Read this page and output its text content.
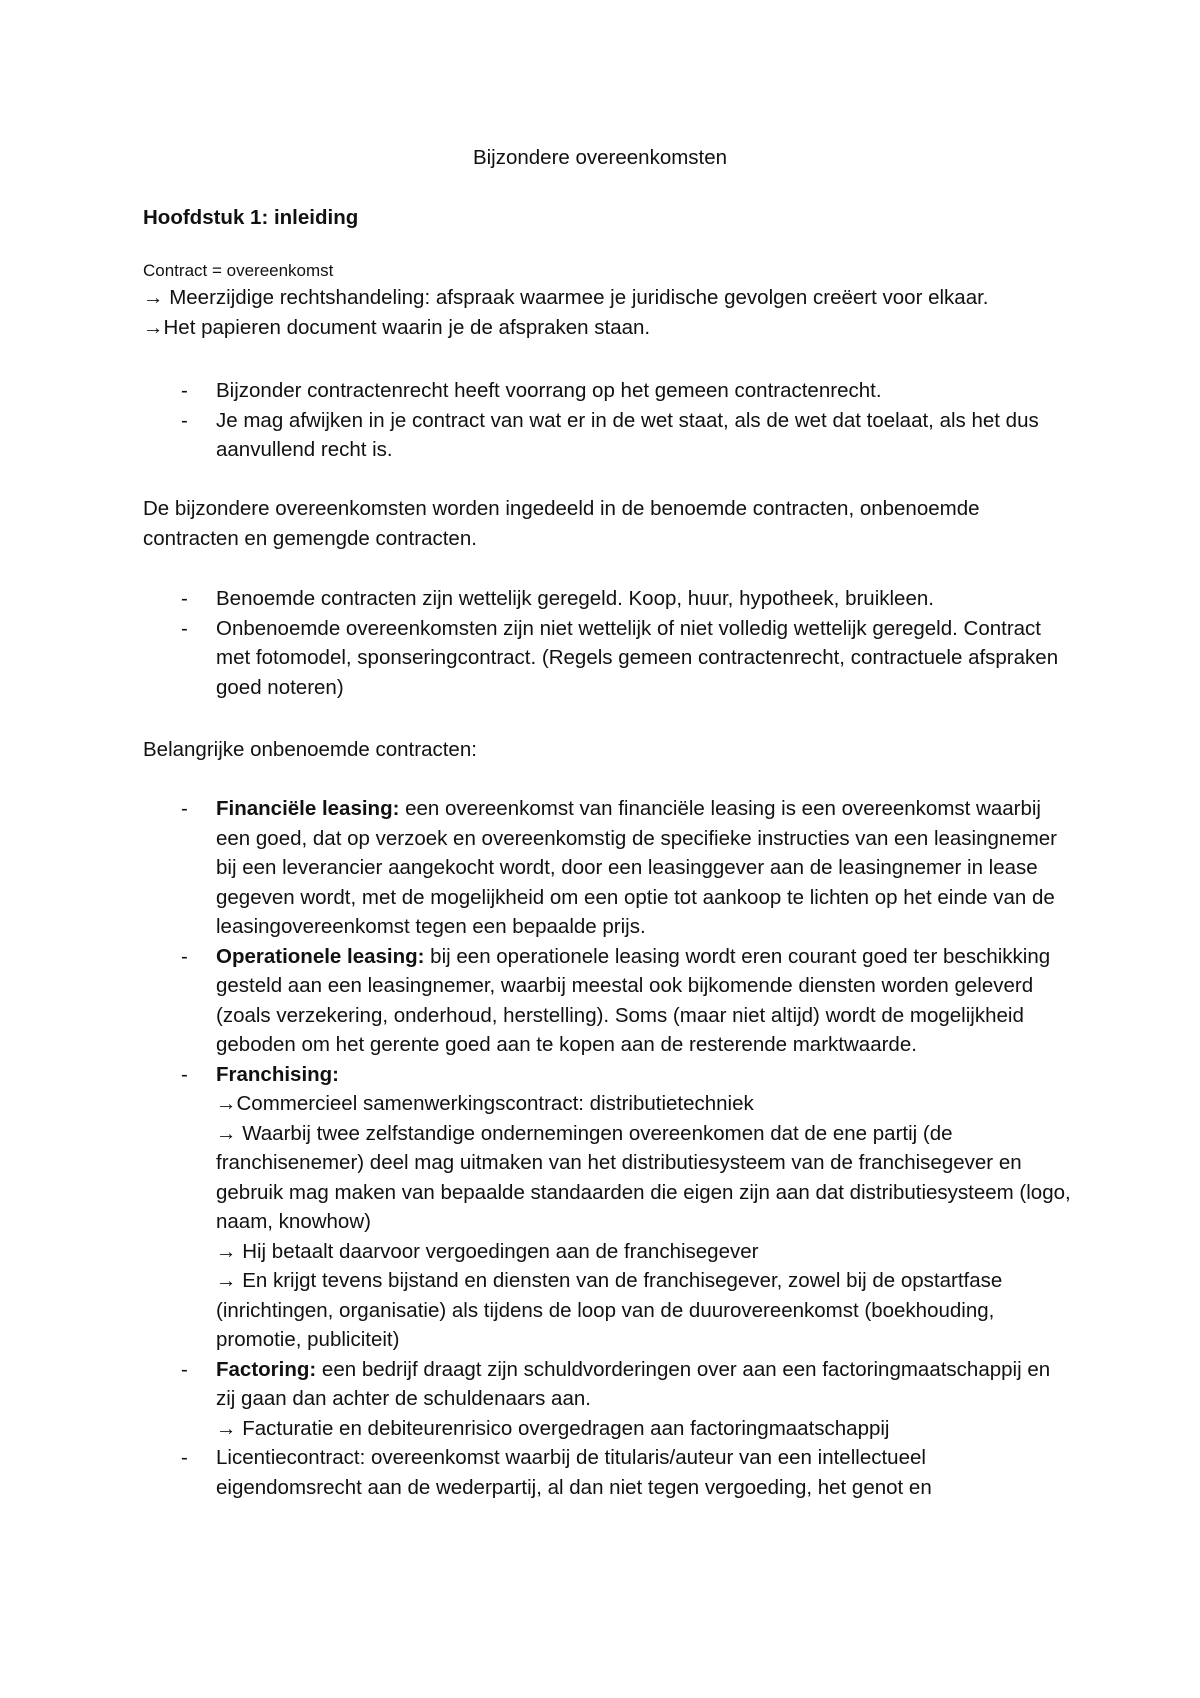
Bijzondere overeenkomsten
Hoofdstuk 1: inleiding
Contract = overeenkomst
→ Meerzijdige rechtshandeling: afspraak waarmee je juridische gevolgen creëert voor elkaar.
→Het papieren document waarin je de afspraken staan.
- Bijzonder contractenrecht heeft voorrang op het gemeen contractenrecht.
- Je mag afwijken in je contract van wat er in de wet staat, als de wet dat toelaat, als het dus aanvullend recht is.
De bijzondere overeenkomsten worden ingedeeld in de benoemde contracten, onbenoemde contracten en gemengde contracten.
- Benoemde contracten zijn wettelijk geregeld. Koop, huur, hypotheek, bruikleen.
- Onbenoemde overeenkomsten zijn niet wettelijk of niet volledig wettelijk geregeld. Contract met fotomodel, sponseringcontract. (Regels gemeen contractenrecht, contractuele afspraken goed noteren)
Belangrijke onbenoemde contracten:
- Financiële leasing: een overeenkomst van financiële leasing is een overeenkomst waarbij een goed, dat op verzoek en overeenkomstig de specifieke instructies van een leasingnemer bij een leverancier aangekocht wordt, door een leasinggever aan de leasingnemer in lease gegeven wordt, met de mogelijkheid om een optie tot aankoop te lichten op het einde van de leasingovereenkomst tegen een bepaalde prijs.
- Operationele leasing: bij een operationele leasing wordt eren courant goed ter beschikking gesteld aan een leasingnemer, waarbij meestal ook bijkomende diensten worden geleverd (zoals verzekering, onderhoud, herstelling). Soms (maar niet altijd) wordt de mogelijkheid geboden om het gerente goed aan te kopen aan de resterende marktwaarde.
- Franchising:
→Commercieel samenwerkingscontract: distributietechniek
→ Waarbij twee zelfstandige ondernemingen overeenkomen dat de ene partij (de franchisenemer) deel mag uitmaken van het distributiesysteem van de franchisegever en gebruik mag maken van bepaalde standaarden die eigen zijn aan dat distributiesysteem (logo, naam, knowhow)
→ Hij betaalt daarvoor vergoedingen aan de franchisegever
→ En krijgt tevens bijstand en diensten van de franchisegever, zowel bij de opstartfase (inrichtingen, organisatie) als tijdens de loop van de duurovereenkomst (boekhouding, promotie, publiciteit)
- Factoring: een bedrijf draagt zijn schuldvorderingen over aan een factoringmaatschappij en zij gaan dan achter de schuldenaars aan.
→ Facturatie en debiteurenrisico overgedragen aan factoringmaatschappij
- Licentiecontract: overeenkomst waarbij de titularis/auteur van een intellectueel eigendomsrecht aan de wederpartij, al dan niet tegen vergoeding, het genot en
